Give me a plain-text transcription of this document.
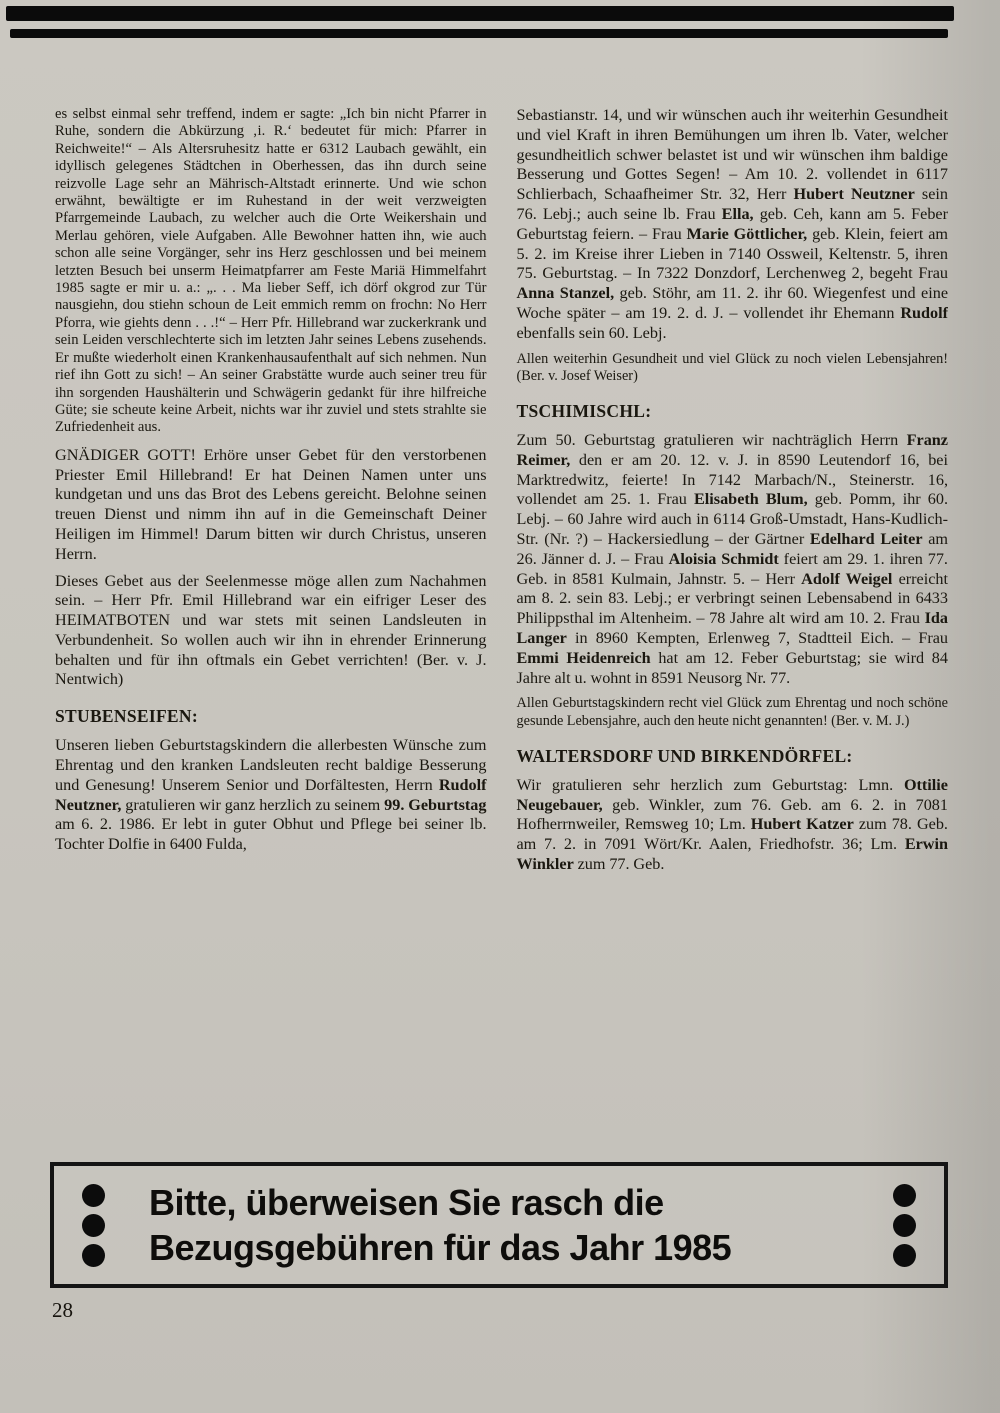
es selbst einmal sehr treffend, indem er sagte: „Ich bin nicht Pfarrer in Ruhe, sondern die Abkürzung ‚i. R.‘ bedeutet für mich: Pfarrer in Reichweite!“ – Als Altersruhesitz hatte er 6312 Laubach gewählt, ein idyllisch gelegenes Städtchen in Oberhessen, das ihn durch seine reizvolle Lage sehr an Mährisch-Altstadt erinnerte. Und wie schon erwähnt, bewältigte er im Ruhestand in der weit verzweigten Pfarrgemeinde Laubach, zu welcher auch die Orte Weikershain und Merlau gehören, viele Aufgaben. Alle Bewohner hatten ihn, wie auch schon alle seine Vorgänger, sehr ins Herz geschlossen und bei meinem letzten Besuch bei unserm Heimatpfarrer am Feste Mariä Himmelfahrt 1985 sagte er mir u. a.: „. . . Ma lieber Seff, ich dörf okgrod zur Tür nausgiehn, dou stiehn schoun de Leit emmich remm on frochn: No Herr Pforra, wie giehts denn . . .!“ – Herr Pfr. Hillebrand war zuckerkrank und sein Leiden verschlechterte sich im letzten Jahr seines Lebens zusehends. Er mußte wiederholt einen Krankenhausaufenthalt auf sich nehmen. Nun rief ihn Gott zu sich! – An seiner Grabstätte wurde auch seiner treu für ihn sorgenden Haushälterin und Schwägerin gedankt für ihre hilfreiche Güte; sie scheute keine Arbeit, nichts war ihr zuviel und stets strahlte sie Zufriedenheit aus.

GNÄDIGER GOTT! Erhöre unser Gebet für den verstorbenen Priester Emil Hillebrand! Er hat Deinen Namen unter uns kundgetan und uns das Brot des Lebens gereicht. Belohne seinen treuen Dienst und nimm ihn auf in die Gemeinschaft Deiner Heiligen im Himmel! Darum bitten wir durch Christus, unseren Herrn.

Dieses Gebet aus der Seelenmesse möge allen zum Nachahmen sein. – Herr Pfr. Emil Hillebrand war ein eifriger Leser des HEIMATBOTEN und war stets mit seinen Landsleuten in Verbundenheit. So wollen auch wir ihn in ehrender Erinnerung behalten und für ihn oftmals ein Gebet verrichten! (Ber. v. J. Nentwich)

STUBENSEIFEN:

Unseren lieben Geburtstagskindern die allerbesten Wünsche zum Ehrentag und den kranken Landsleuten recht baldige Besserung und Genesung! Unserem Senior und Dorfältesten, Herrn Rudolf Neutzner, gratulieren wir ganz herzlich zu seinem 99. Geburtstag am 6. 2. 1986. Er lebt in guter Obhut und Pflege bei seiner lb. Tochter Dolfie in 6400 Fulda,

Sebastianstr. 14, und wir wünschen auch ihr weiterhin Gesundheit und viel Kraft in ihren Bemühungen um ihren lb. Vater, welcher gesundheitlich schwer belastet ist und wir wünschen ihm baldige Besserung und Gottes Segen! – Am 10. 2. vollendet in 6117 Schlierbach, Schaafheimer Str. 32, Herr Hubert Neutzner sein 76. Lebj.; auch seine lb. Frau Ella, geb. Ceh, kann am 5. Feber Geburtstag feiern. – Frau Marie Göttlicher, geb. Klein, feiert am 5. 2. im Kreise ihrer Lieben in 7140 Ossweil, Keltenstr. 5, ihren 75. Geburtstag. – In 7322 Donzdorf, Lerchenweg 2, begeht Frau Anna Stanzel, geb. Stöhr, am 11. 2. ihr 60. Wiegenfest und eine Woche später – am 19. 2. d. J. – vollendet ihr Ehemann Rudolf ebenfalls sein 60. Lebj.

Allen weiterhin Gesundheit und viel Glück zu noch vielen Lebensjahren! (Ber. v. Josef Weiser)

TSCHIMISCHL:

Zum 50. Geburtstag gratulieren wir nachträglich Herrn Franz Reimer, den er am 20. 12. v. J. in 8590 Leutendorf 16, bei Marktredwitz, feierte! In 7142 Marbach/N., Steinerstr. 16, vollendet am 25. 1. Frau Elisabeth Blum, geb. Pomm, ihr 60. Lebj. – 60 Jahre wird auch in 6114 Groß-Umstadt, Hans-Kudlich-Str. (Nr. ?) – Hackersiedlung – der Gärtner Edelhard Leiter am 26. Jänner d. J. – Frau Aloisia Schmidt feiert am 29. 1. ihren 77. Geb. in 8581 Kulmain, Jahnstr. 5. – Herr Adolf Weigel erreicht am 8. 2. sein 83. Lebj.; er verbringt seinen Lebensabend in 6433 Philippsthal im Altenheim. – 78 Jahre alt wird am 10. 2. Frau Ida Langer in 8960 Kempten, Erlenweg 7, Stadtteil Eich. – Frau Emmi Heidenreich hat am 12. Feber Geburtstag; sie wird 84 Jahre alt u. wohnt in 8591 Neusorg Nr. 77.

Allen Geburtstagskindern recht viel Glück zum Ehrentag und noch schöne gesunde Lebensjahre, auch den heute nicht genannten! (Ber. v. M. J.)

WALTERSDORF UND BIRKENDÖRFEL:

Wir gratulieren sehr herzlich zum Geburtstag: Lmn. Ottilie Neugebauer, geb. Winkler, zum 76. Geb. am 6. 2. in 7081 Hofherrnweiler, Remsweg 10; Lm. Hubert Katzer zum 78. Geb. am 7. 2. in 7091 Wört/Kr. Aalen, Friedhofstr. 36; Lm. Erwin Winkler zum 77. Geb.

Bitte, überweisen Sie rasch die
Bezugsgebühren für das Jahr 1985
28
